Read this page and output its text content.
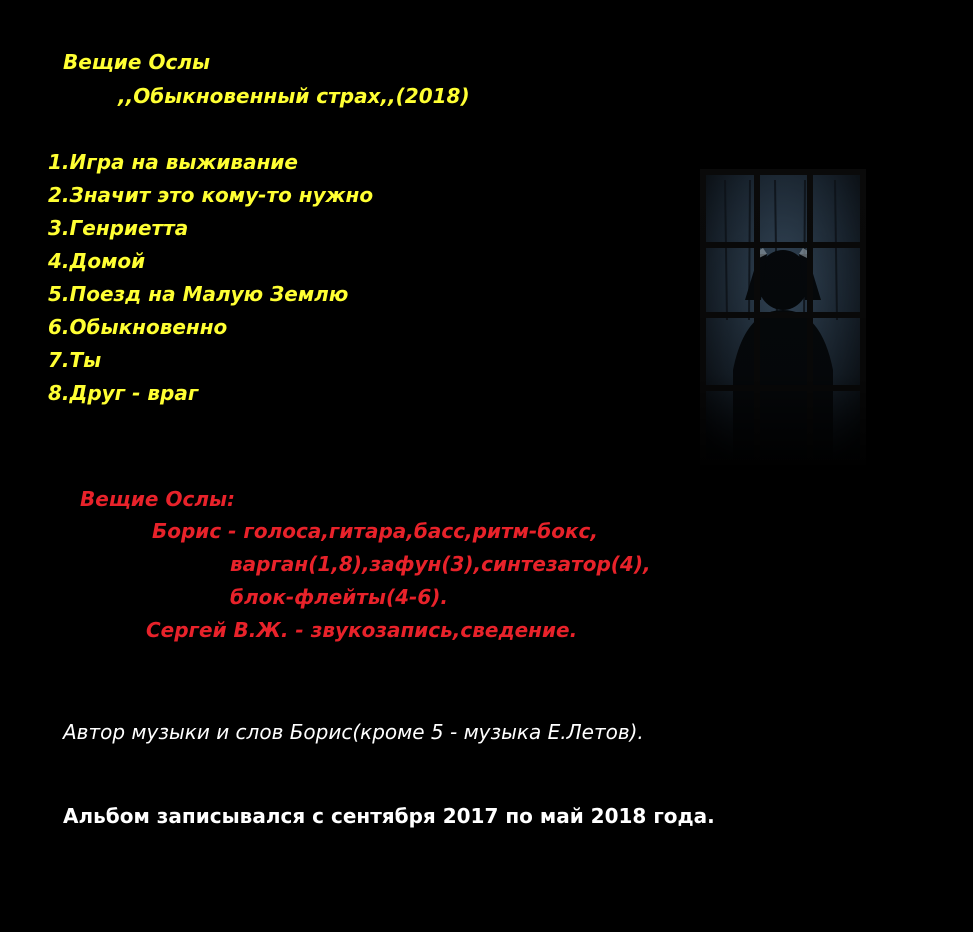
Вещие Ослы
,,Обыкновенный страх,,(2018)
1.Игра на выживание
2.Значит это кому-то нужно
3.Генриетта
4.Домой
5.Поезд на Малую Землю
6.Обыкновенно
7.Ты
8.Друг - враг
Вещие Ослы:
Борис - голоса,гитара,басс,ритм-бокс,
варган(1,8),зафун(3),синтезатор(4),
блок-флейты(4-6).
Сергей В.Ж. - звукозапись,сведение.
Автор музыки и слов Борис(кроме 5 - музыка Е.Летов).
Альбом записывался с сентября 2017 по май 2018 года.
